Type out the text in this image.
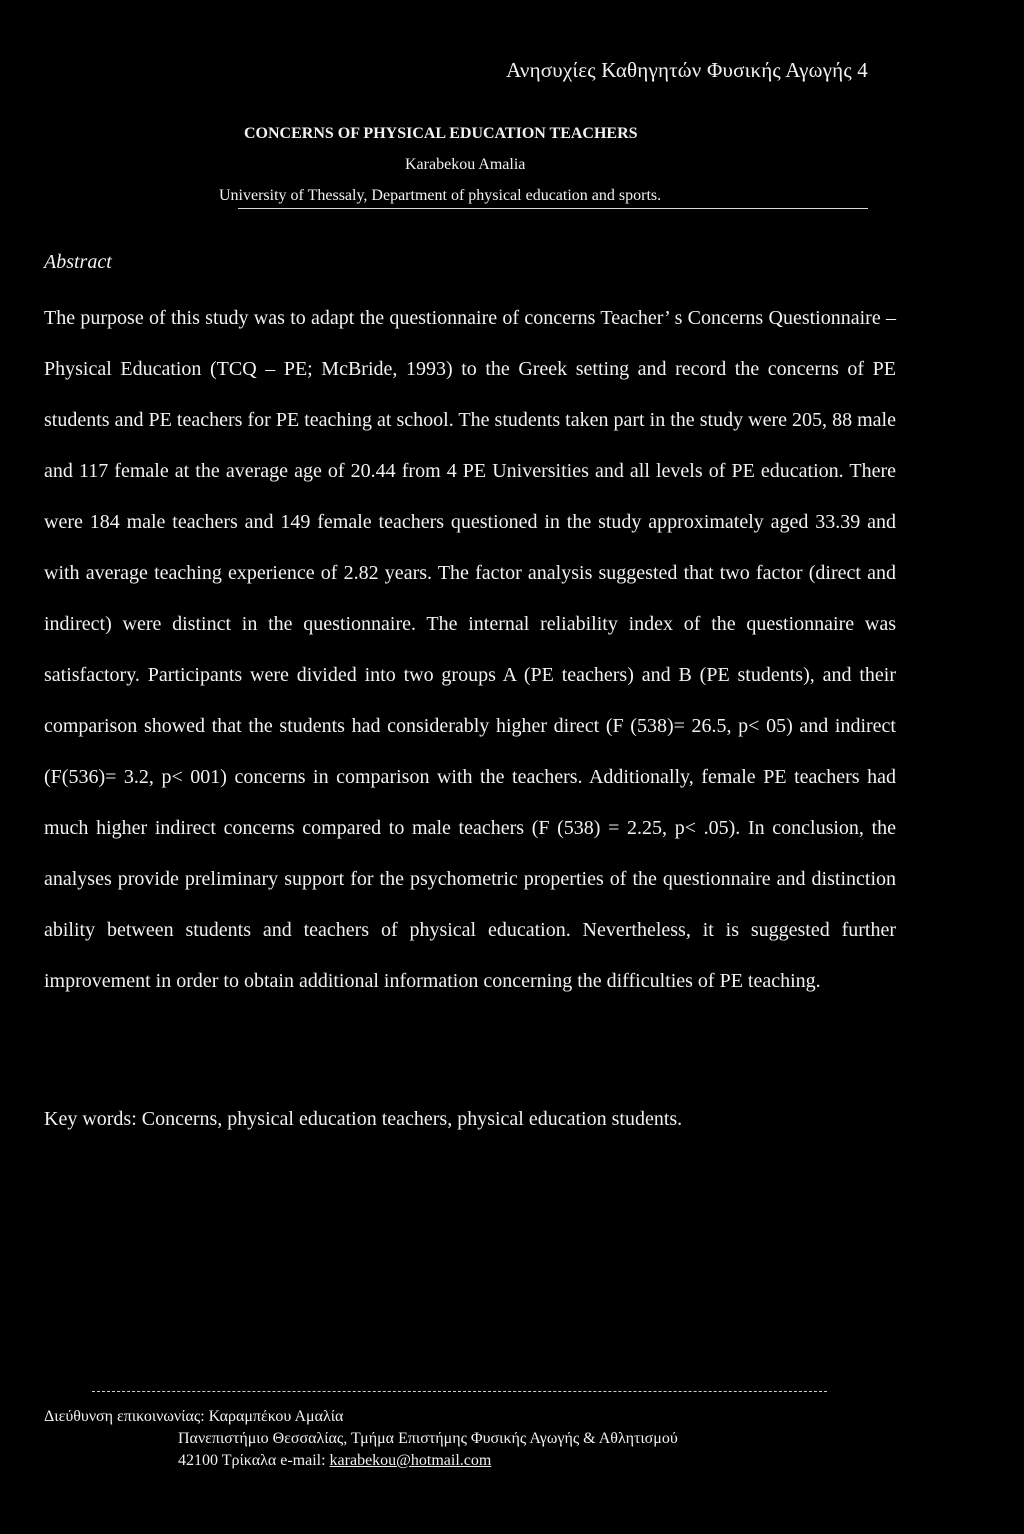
Ανησυχίες Καθηγητών Φυσικής Αγωγής 4
CONCERNS OF PHYSICAL EDUCATION TEACHERS
Karabekou Amalia
University of Thessaly, Department of physical education and sports.
Abstract

The purpose of this study was to adapt the questionnaire of concerns Teacher’ s Concerns Questionnaire – Physical Education (TCQ – PE; McBride, 1993) to the Greek setting and record the concerns of PE students and PE teachers for PE teaching at school. The students taken part in the study were 205, 88 male and 117 female at the average age of 20.44 from 4 PE Universities and all levels of PE education. There were 184 male teachers and 149 female teachers questioned in the study approximately aged 33.39 and with average teaching experience of 2.82 years. The factor analysis suggested that two factor (direct and indirect) were distinct in the questionnaire. The internal reliability index of the questionnaire was satisfactory. Participants were divided into two groups A (PE teachers) and B (PE students), and their comparison showed that the students had considerably higher direct (F (538)= 26.5, p< 05) and indirect (F(536)= 3.2, p< 001) concerns in comparison with the teachers. Additionally, female PE teachers had much higher indirect concerns compared to male teachers (F (538) = 2.25, p< .05). In conclusion, the analyses provide preliminary support for the psychometric properties of the questionnaire and distinction ability between students and teachers of physical education. Nevertheless, it is suggested further improvement in order to obtain additional information concerning the difficulties of PE teaching.

Key words: Concerns, physical education teachers, physical education students.
Διεύθυνση επικοινωνίας: Καραμπέκου Αμαλία
Πανεπιστήμιο Θεσσαλίας, Τμήμα Επιστήμης Φυσικής Αγωγής & Αθλητισμού
42100 Τρίκαλα e-mail: karabekou@hotmail.com
